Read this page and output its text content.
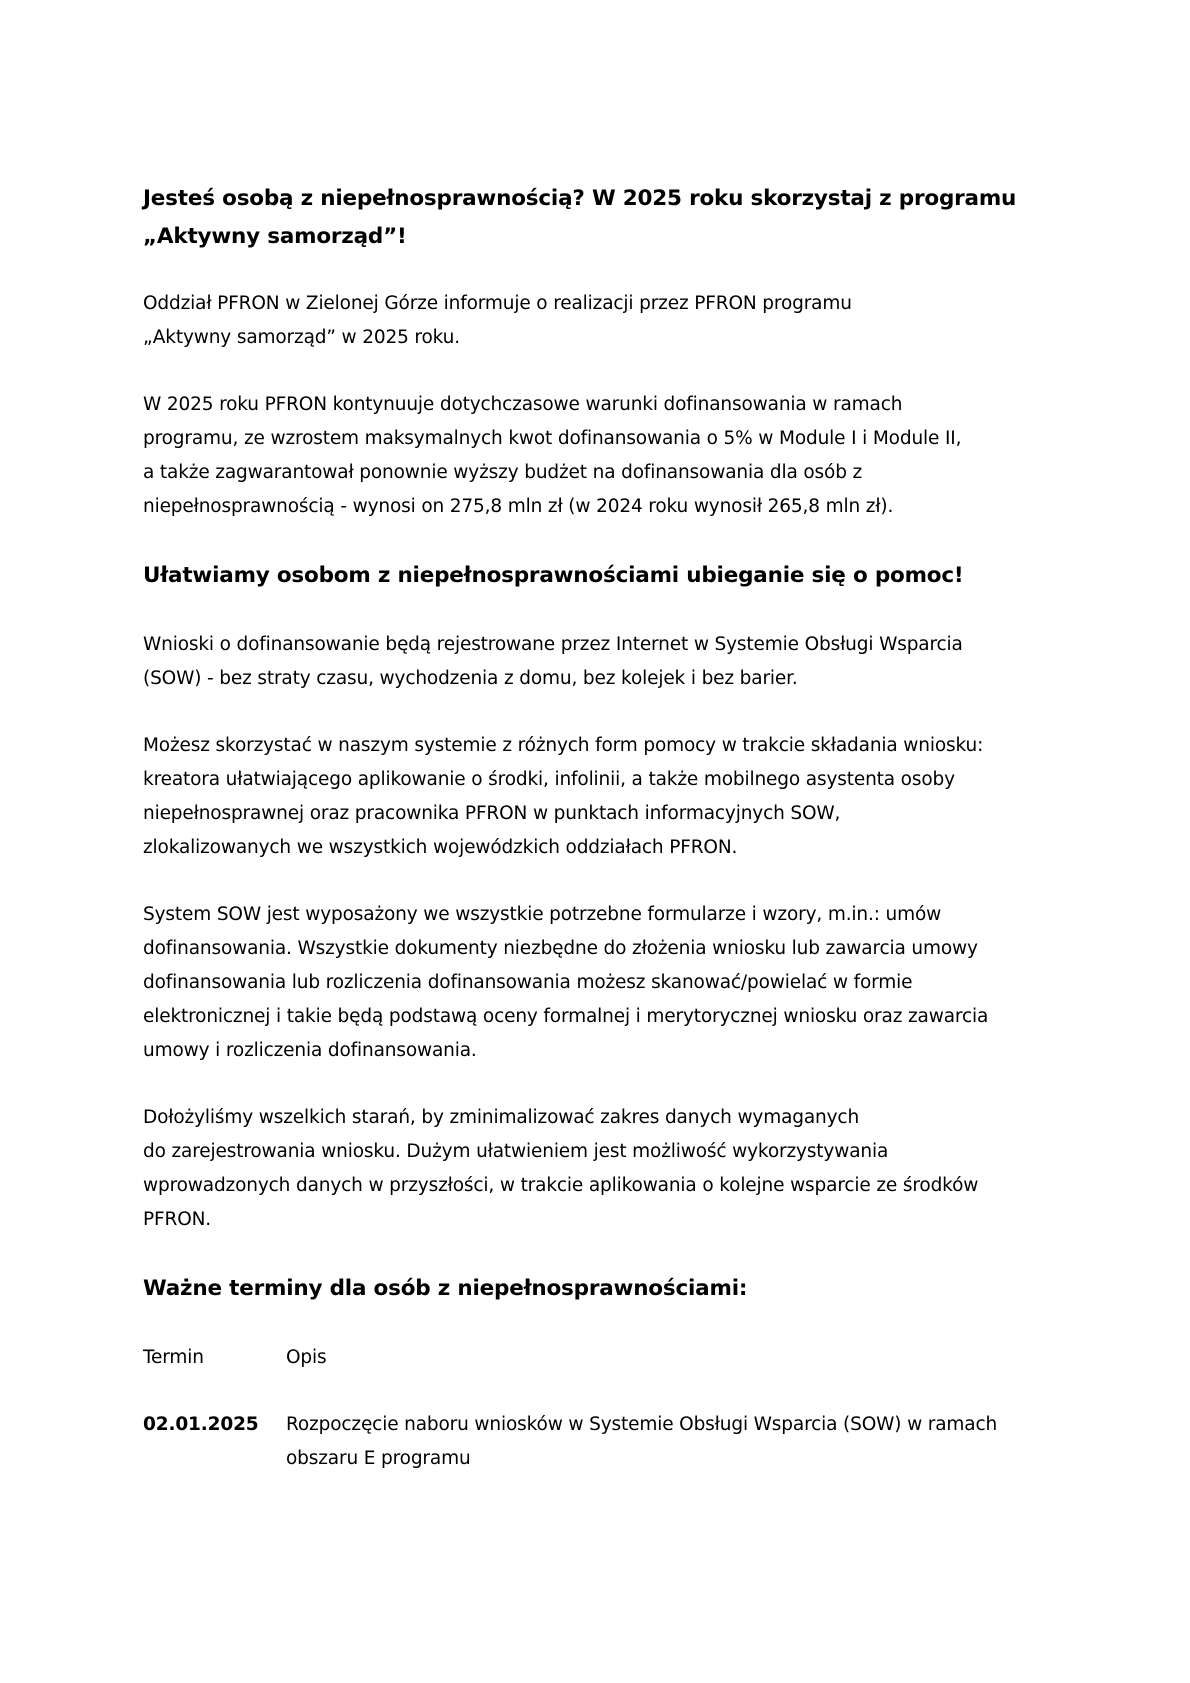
Jesteś osobą z niepełnosprawnością? W 2025 roku skorzystaj z programu
„Aktywny samorząd”!

Oddział PFRON w Zielonej Górze informuje o realizacji przez PFRON programu
„Aktywny samorząd” w 2025 roku.

W 2025 roku PFRON kontynuuje dotychczasowe warunki dofinansowania w ramach
programu, ze wzrostem maksymalnych kwot dofinansowania o 5% w Module I i Module II,
a także zagwarantował ponownie wyższy budżet na dofinansowania dla osób z
niepełnosprawnością - wynosi on 275,8 mln zł (w 2024 roku wynosił 265,8 mln zł).

Ułatwiamy osobom z niepełnosprawnościami ubieganie się o pomoc!

Wnioski o dofinansowanie będą rejestrowane przez Internet w Systemie Obsługi Wsparcia
(SOW) - bez straty czasu, wychodzenia z domu, bez kolejek i bez barier.

Możesz skorzystać w naszym systemie z różnych form pomocy w trakcie składania wniosku:
kreatora ułatwiającego aplikowanie o środki, infolinii, a także mobilnego asystenta osoby
niepełnosprawnej oraz pracownika PFRON w punktach informacyjnych SOW,
zlokalizowanych we wszystkich wojewódzkich oddziałach PFRON.

System SOW jest wyposażony we wszystkie potrzebne formularze i wzory, m.in.: umów
dofinansowania. Wszystkie dokumenty niezbędne do złożenia wniosku lub zawarcia umowy
dofinansowania lub rozliczenia dofinansowania możesz skanować/powielać w formie
elektronicznej i takie będą podstawą oceny formalnej i merytorycznej wniosku oraz zawarcia
umowy i rozliczenia dofinansowania.

Dołożyliśmy wszelkich starań, by zminimalizować zakres danych wymaganych
do zarejestrowania wniosku. Dużym ułatwieniem jest możliwość wykorzystywania
wprowadzonych danych w przyszłości, w trakcie aplikowania o kolejne wsparcie ze środków
PFRON.

Ważne terminy dla osób z niepełnosprawnościami:
Termin	Opis
02.01.2025	Rozpoczęcie naboru wniosków w Systemie Obsługi Wsparcia (SOW) w ramach
obszaru E programu
